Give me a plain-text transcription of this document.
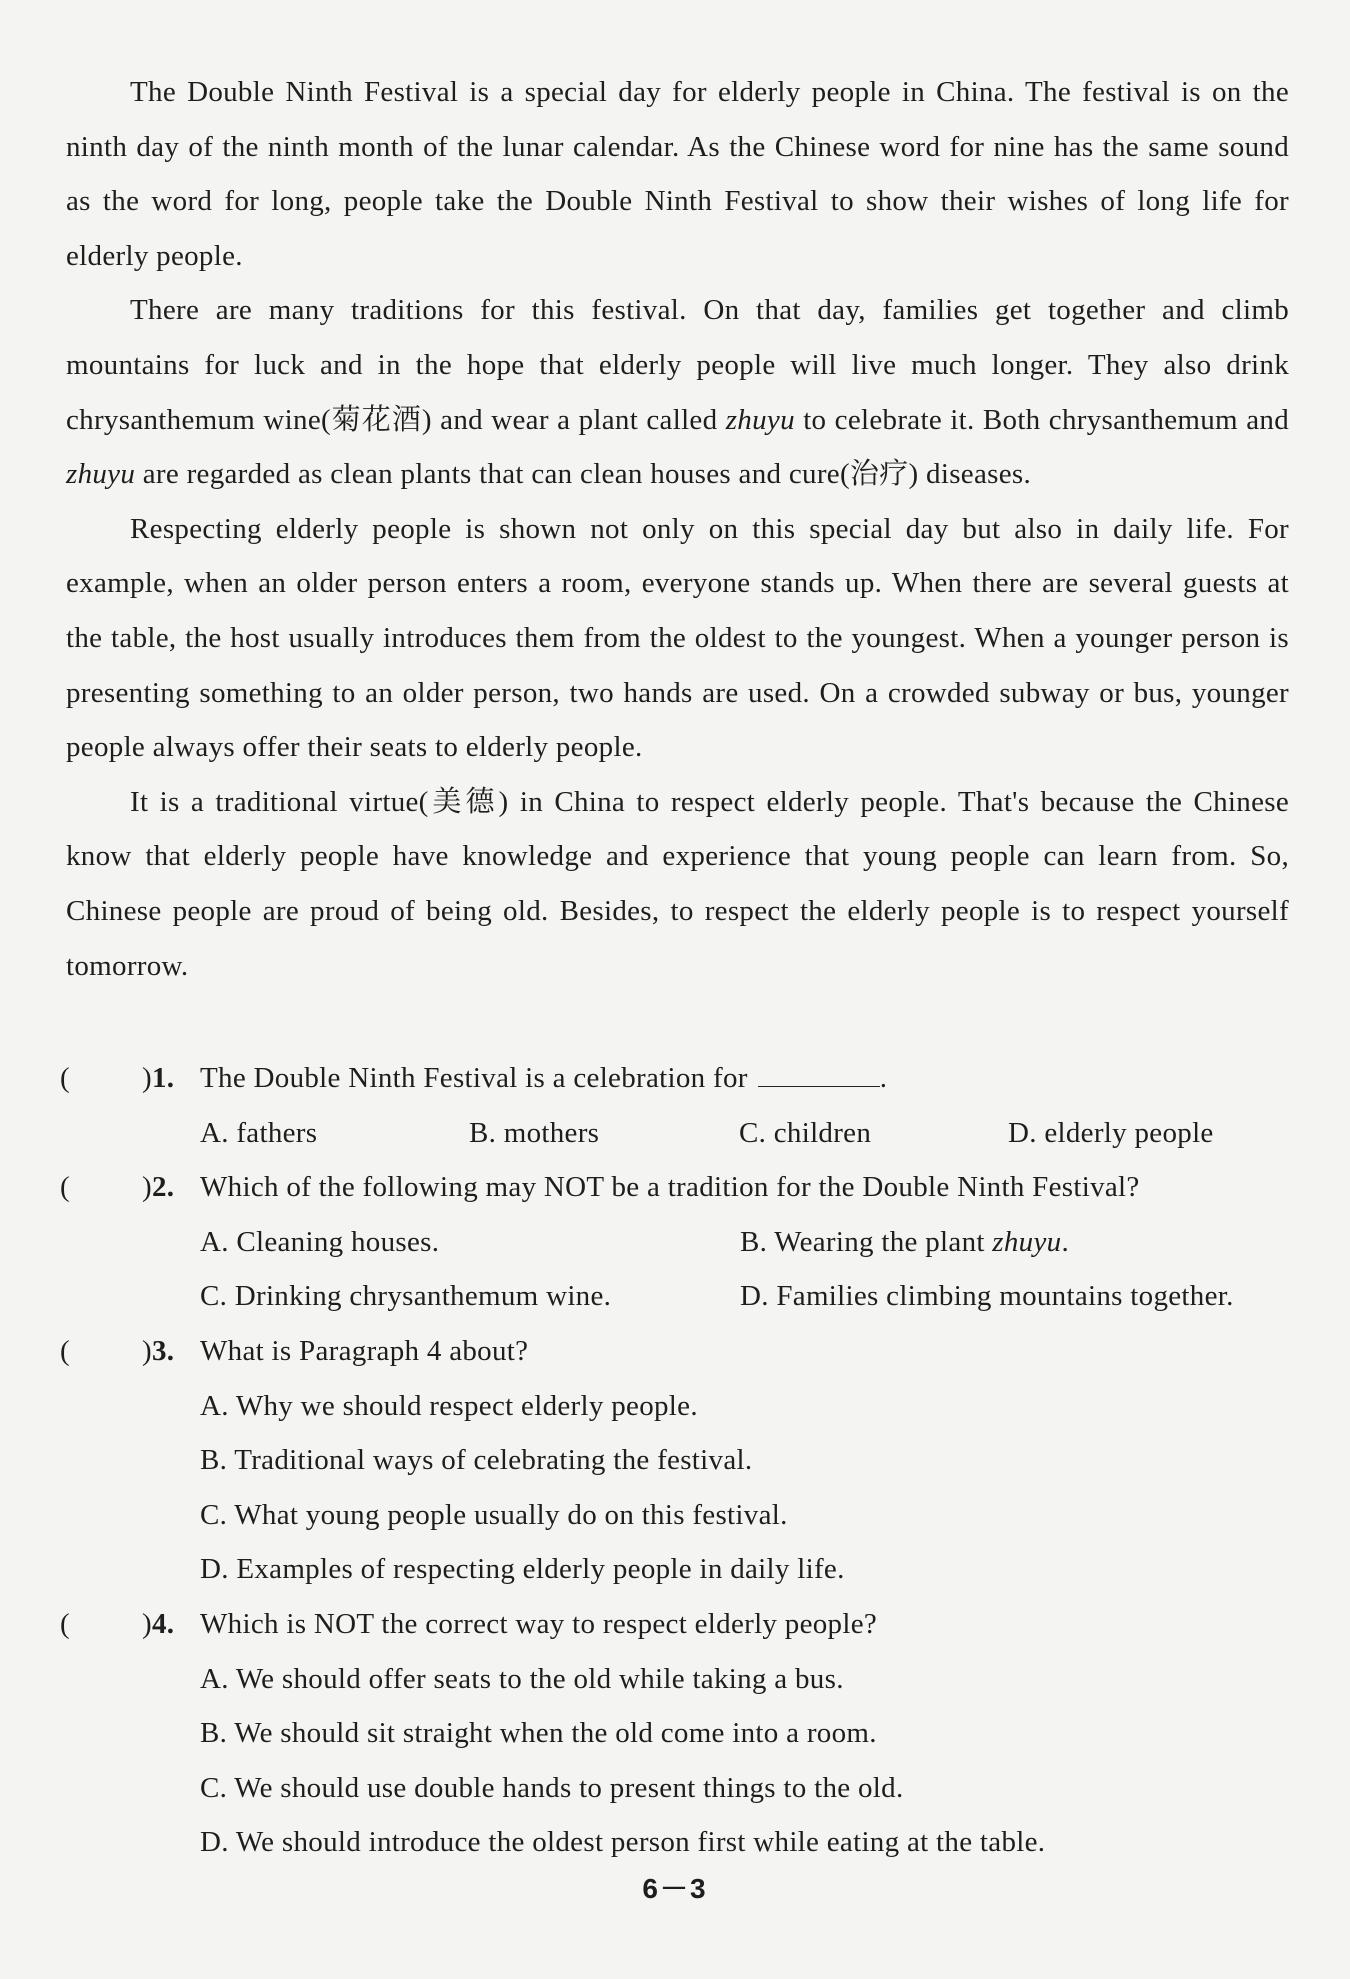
The Double Ninth Festival is a special day for elderly people in China. The festival is on the ninth day of the ninth month of the lunar calendar. As the Chinese word for nine has the same sound as the word for long, people take the Double Ninth Festival to show their wishes of long life for elderly people.

There are many traditions for this festival. On that day, families get together and climb mountains for luck and in the hope that elderly people will live much longer. They also drink chrysanthemum wine(菊花酒) and wear a plant called zhuyu to celebrate it. Both chrysanthemum and zhuyu are regarded as clean plants that can clean houses and cure(治疗) diseases.

Respecting elderly people is shown not only on this special day but also in daily life. For example, when an older person enters a room, everyone stands up. When there are several guests at the table, the host usually introduces them from the oldest to the youngest. When a younger person is presenting something to an older person, two hands are used. On a crowded subway or bus, younger people always offer their seats to elderly people.

It is a traditional virtue(美德) in China to respect elderly people. That's because the Chinese know that elderly people have knowledge and experience that young people can learn from. So, Chinese people are proud of being old. Besides, to respect the elderly people is to respect yourself tomorrow.

( ) 1. The Double Ninth Festival is a celebration for	.
A. fathers	B. mothers	C. children	D. elderly people
( ) 2. Which of the following may NOT be a tradition for the Double Ninth Festival?
A. Cleaning houses.	B. Wearing the plant zhuyu.
C. Drinking chrysanthemum wine.	D. Families climbing mountains together.
( ) 3. What is Paragraph 4 about?
A. Why we should respect elderly people.
B. Traditional ways of celebrating the festival.
C. What young people usually do on this festival.
D. Examples of respecting elderly people in daily life.
( ) 4. Which is NOT the correct way to respect elderly people?
A. We should offer seats to the old while taking a bus.
B. We should sit straight when the old come into a room.
C. We should use double hands to present things to the old.
D. We should introduce the oldest person first while eating at the table.
6－3
